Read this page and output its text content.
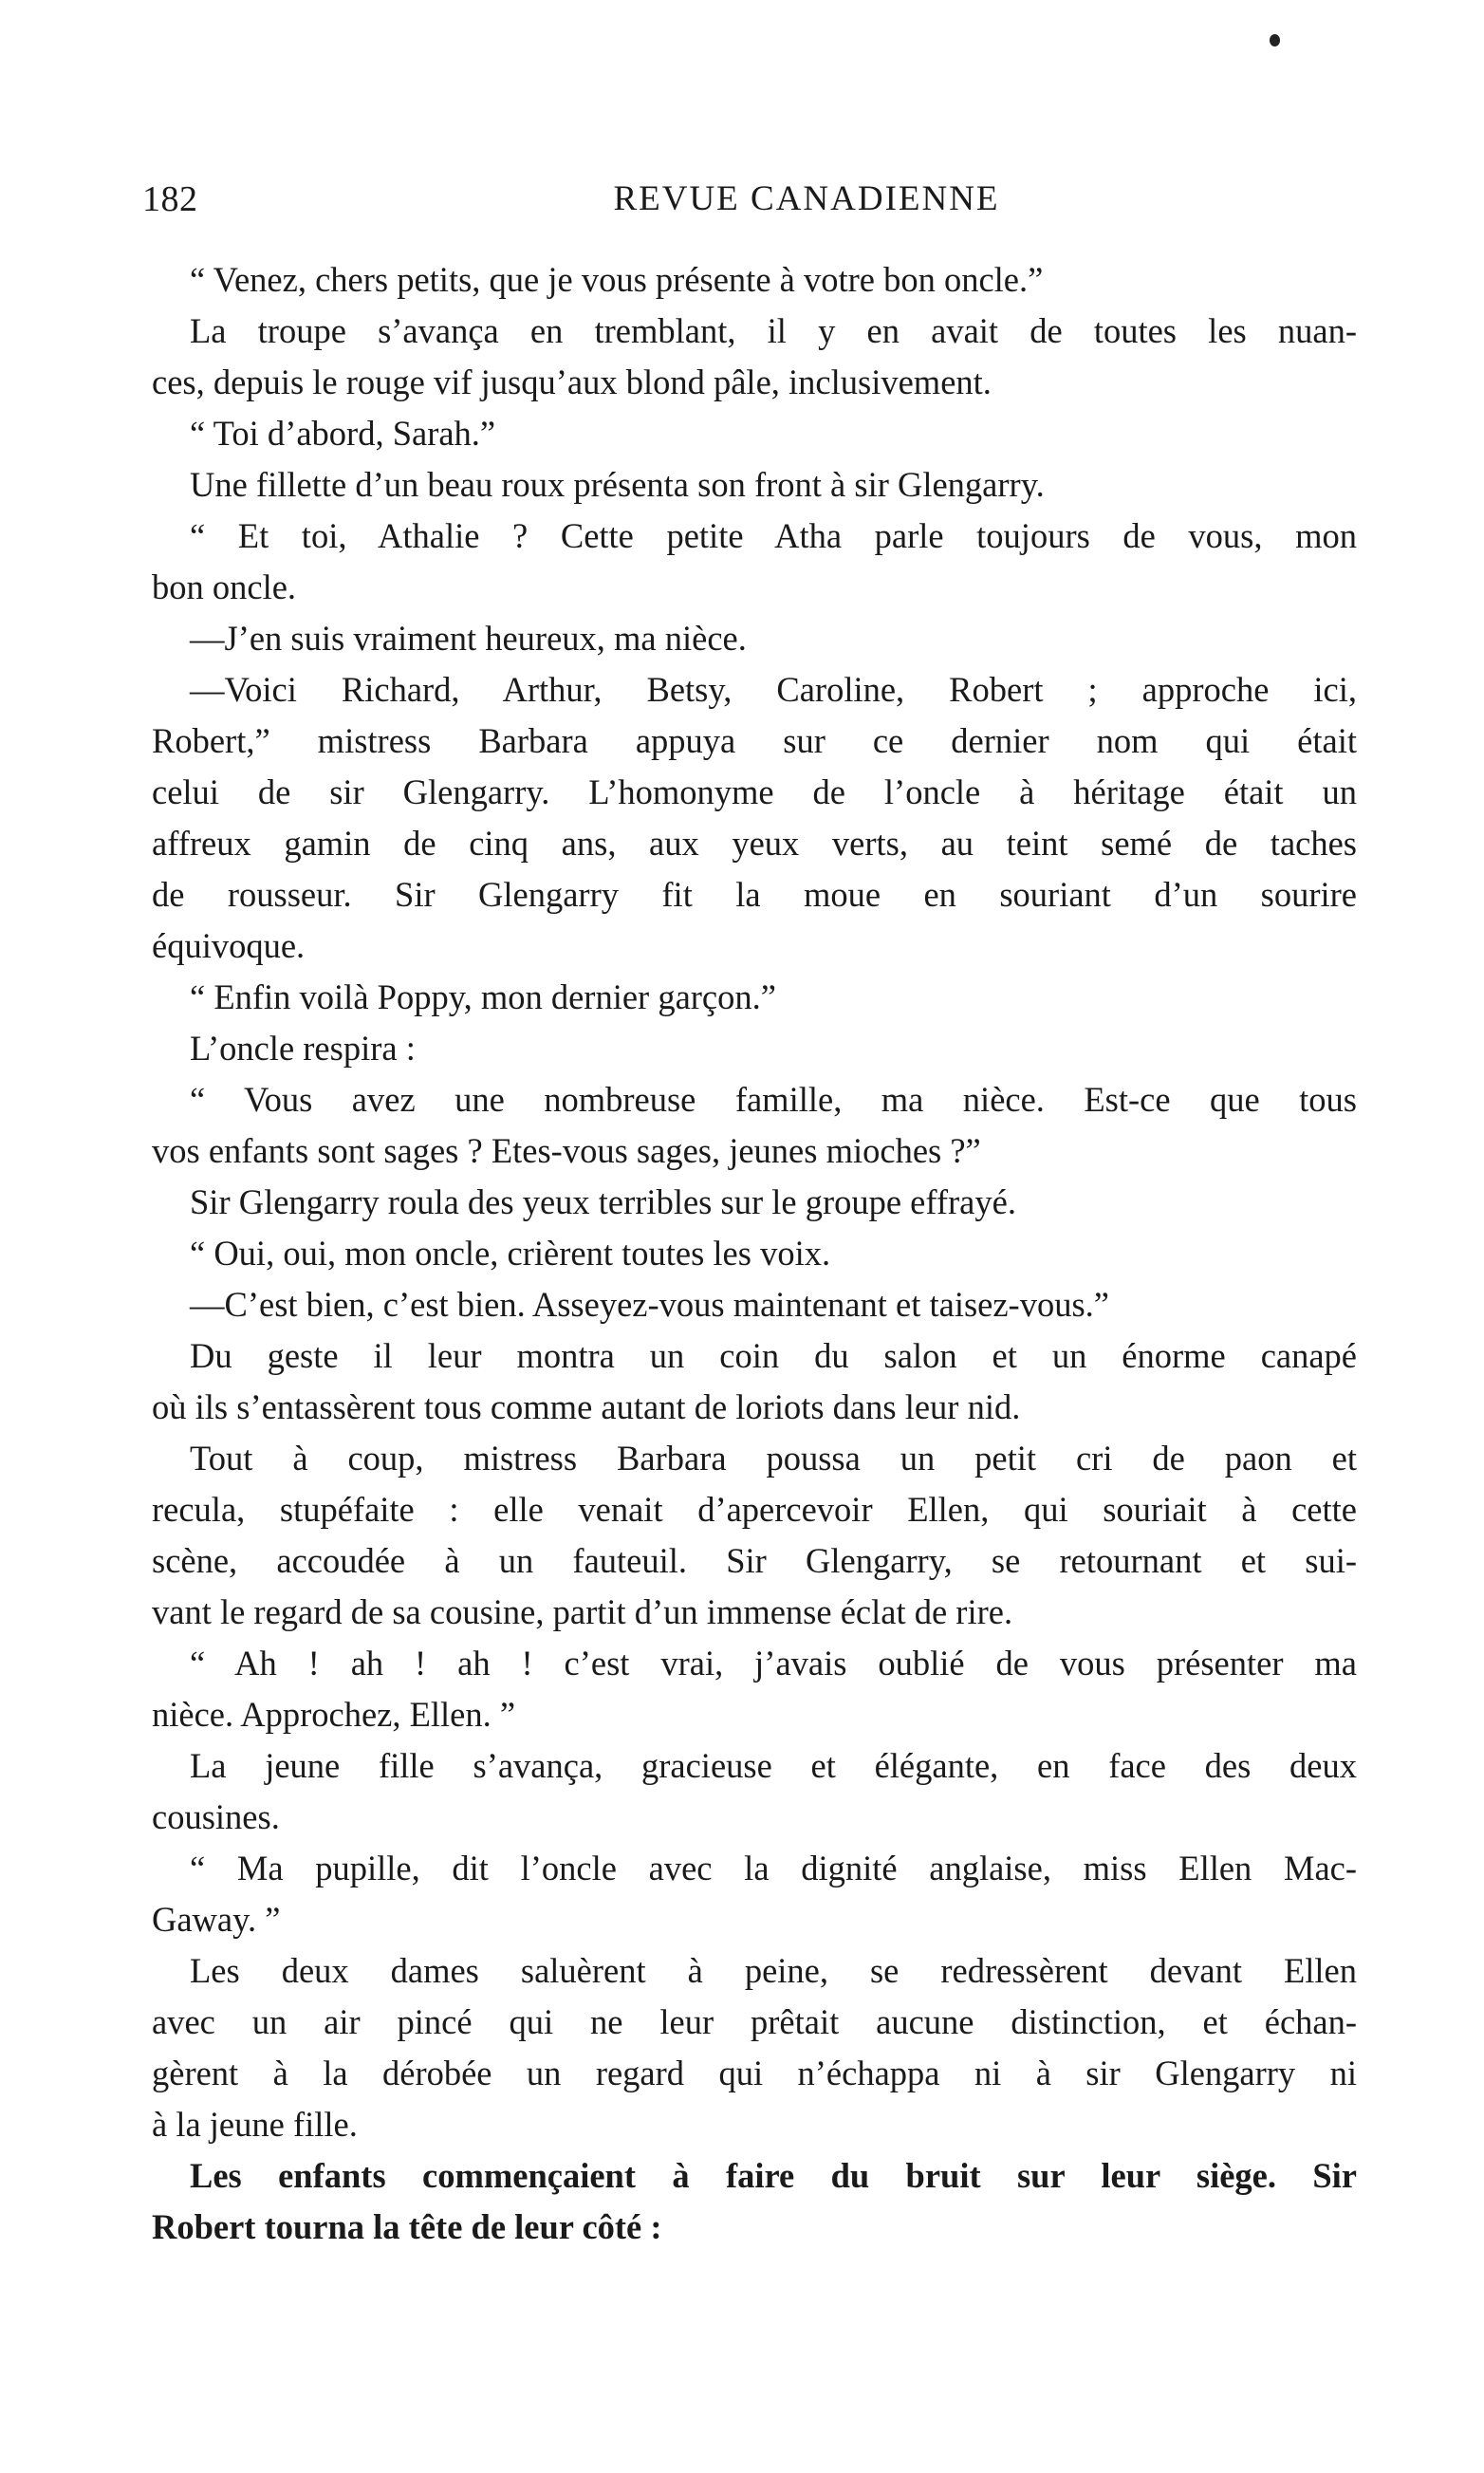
182	REVUE CANADIENNE
“ Venez, chers petits, que je vous présente à votre bon oncle.”
La troupe s’avança en tremblant, il y en avait de toutes les nuan-
ces, depuis le rouge vif jusqu’aux blond pâle, inclusivement.
“ Toi d’abord, Sarah.”
Une fillette d’un beau roux présenta son front à sir Glengarry.
“ Et toi, Athalie ? Cette petite Atha parle toujours de vous, mon
bon oncle.
—J’en suis vraiment heureux, ma nièce.
—Voici Richard, Arthur, Betsy, Caroline, Robert ; approche ici,
Robert,” mistress Barbara appuya sur ce dernier nom qui était
celui de sir Glengarry. L’homonyme de l’oncle à héritage était un
affreux gamin de cinq ans, aux yeux verts, au teint semé de taches
de rousseur. Sir Glengarry fit la moue en souriant d’un sourire
équivoque.
“ Enfin voilà Poppy, mon dernier garçon.”
L’oncle respira :
“ Vous avez une nombreuse famille, ma nièce. Est-ce que tous
vos enfants sont sages ? Etes-vous sages, jeunes mioches ?”
Sir Glengarry roula des yeux terribles sur le groupe effrayé.
“ Oui, oui, mon oncle, crièrent toutes les voix.
—C’est bien, c’est bien. Asseyez-vous maintenant et taisez-vous.”
Du geste il leur montra un coin du salon et un énorme canapé
où ils s’entassèrent tous comme autant de loriots dans leur nid.
Tout à coup, mistress Barbara poussa un petit cri de paon et
recula, stupéfaite : elle venait d’apercevoir Ellen, qui souriait à cette
scène, accoudée à un fauteuil. Sir Glengarry, se retournant et sui-
vant le regard de sa cousine, partit d’un immense éclat de rire.
“ Ah ! ah ! ah ! c’est vrai, j’avais oublié de vous présenter ma
nièce. Approchez, Ellen. ”
La jeune fille s’avança, gracieuse et élégante, en face des deux
cousines.
“ Ma pupille, dit l’oncle avec la dignité anglaise, miss Ellen Mac-
Gaway. ”
Les deux dames saluèrent à peine, se redressèrent devant Ellen
avec un air pincé qui ne leur prêtait aucune distinction, et échan-
gèrent à la dérobée un regard qui n’échappa ni à sir Glengarry ni
à la jeune fille.
Les enfants commençaient à faire du bruit sur leur siège. Sir
Robert tourna la tête de leur côté :
